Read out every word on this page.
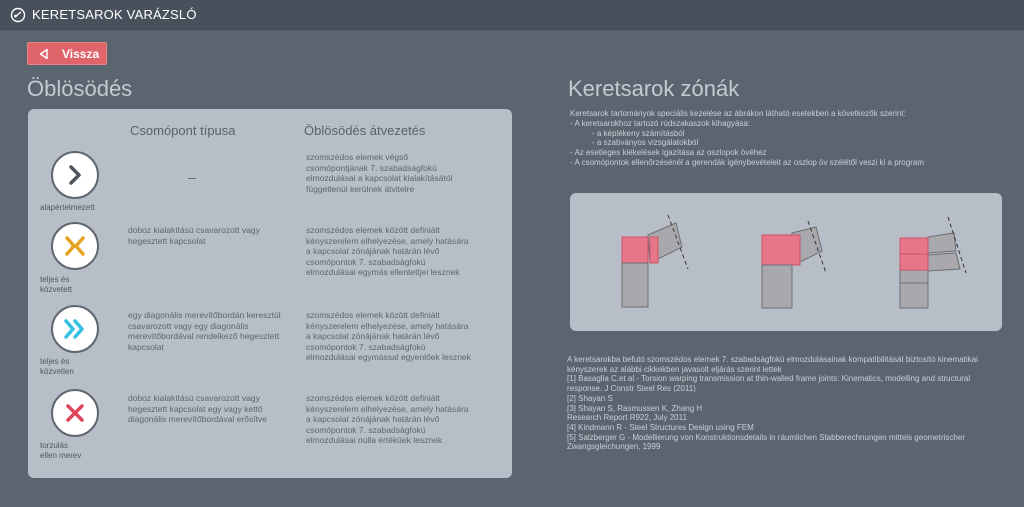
KERETSAROK VARÁZSLÓ
Vissza
Öblösödés	Keretsarok zónák
Csomópont típusa	Öblösödés átvezetés
alapértelmezett
–
szomszédos elemek végső csomópontjának 7. szabadságfokú elmozdulásai a kapcsolat kialakításától függetlenül kerülnek átvitelre
teljes és közvetett
doboz kialakítású csavarozott vagy hegesztett kapcsolat
szomszédos elemek között definiált kényszerelem elhelyezése, amely hatására a kapcsolat zónájának határán lévő csomópontok 7. szabadságfokú elmozdulásai egymás ellentettjei lesznek
teljes és közvetlen
egy diagonális merevítőbordán keresztül csavarozott vagy egy diagonális merevítőbordával rendelkező hegesztett kapcsolat
szomszédos elemek között definiált kényszerelem elhelyezése, amely hatására a kapcsolat zónájának határán lévő csomópontok 7. szabadságfokú elmozdulásai egymással egyenlőek lesznek
torzulás ellen merev
doboz kialakítású csavarozott vagy hegesztett kapcsolat egy vagy kettő diagonális merevítőbordával erősítve
szomszédos elemek között definiált kényszerelem elhelyezése, amely hatására a kapcsolat zónájának határán lévő csomópontok 7. szabadságfokú elmozdulásai nulla értékűek lesznek
Keretsarok tartományok speciális kezelése az ábrákon látható esetekben a következők szerint:
- A keretsarokhoz tartozó rúdszakaszok kihagyása:
- a képlékeny számításból
- a szabványos vizsgálatokból
- Az esetleges kiékelések igazítása az oszlopok övéhez
- A csomópontok ellenőrzésénél a gerendák igénybevételeit az oszlop öv szélétől veszi ki a program
A keretsarokba befutó szomszédos elemek 7. szabadságfokú elmozdulásainak kompatibilitását biztosító kinematikai kényszerek az alábbi cikkekben javasolt eljárás szerint lettek
[1] Basaglia C.et al - Torsion warping transmission at thin-walled frame joints: Kinematics, modelling and structural response. J Constr Steel Res (2011)
[2] Shayan S
[3] Shayan S, Rasmussen K, Zhang H
Research Report R922, July 2011
[4] Kindmann R - Steel Structures Design using FEM
[5] Salzberger G - Modellierung von Konstruktionsdetails in räumlichen Stabberechnungen mittels geometrischer Zwangsgleichungen, 1999
